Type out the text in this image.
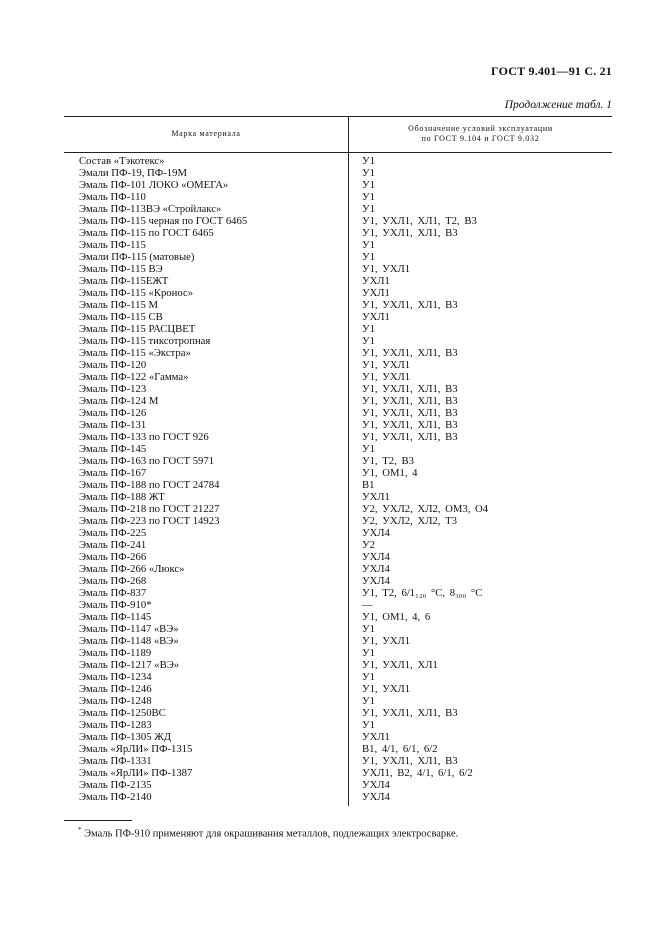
ГОСТ 9.401—91 С. 21
Продолжение табл. 1
Марка материала
Обозначение условий эксплуатации
по ГОСТ 9.104 и ГОСТ 9.032
Состав «Тэкотекс»	У1
Эмали ПФ-19, ПФ-19М	У1
Эмаль ПФ-101 ЛОКО «ОМЕГА»	У1
Эмаль ПФ-110	У1
Эмаль ПФ-113ВЭ «Стройлакс»	У1
Эмаль ПФ-115 черная по ГОСТ 6465	У1, УХЛ1, ХЛ1, Т2, В3
Эмаль ПФ-115 по ГОСТ 6465	У1, УХЛ1, ХЛ1, В3
Эмаль ПФ-115	У1
Эмали ПФ-115 (матовые)	У1
Эмаль ПФ-115 ВЭ	У1, УХЛ1
Эмаль ПФ-115ЕЖТ	УХЛ1
Эмаль ПФ-115 «Кронос»	УХЛ1
Эмаль ПФ-115 М	У1, УХЛ1, ХЛ1, В3
Эмаль ПФ-115 СВ	УХЛ1
Эмаль ПФ-115 РАСЦВЕТ	У1
Эмаль ПФ-115 тиксотропная	У1
Эмаль ПФ-115 «Экстра»	У1, УХЛ1, ХЛ1, В3
Эмаль ПФ-120	У1, УХЛ1
Эмаль ПФ-122 «Гамма»	У1, УХЛ1
Эмаль ПФ-123	У1, УХЛ1, ХЛ1, В3
Эмаль ПФ-124 М	У1, УХЛ1, ХЛ1, В3
Эмаль ПФ-126	У1, УХЛ1, ХЛ1, В3
Эмаль ПФ-131	У1, УХЛ1, ХЛ1, В3
Эмаль ПФ-133 по ГОСТ 926	У1, УХЛ1, ХЛ1, В3
Эмаль ПФ-145	У1
Эмаль ПФ-163 по ГОСТ 5971	У1, Т2, В3
Эмаль ПФ-167	У1, ОМ1, 4
Эмаль ПФ-188 по ГОСТ 24784	В1
Эмаль ПФ-188 ЖТ	УХЛ1
Эмаль ПФ-218 по ГОСТ 21227	У2, УХЛ2, ХЛ2, ОМ3, О4
Эмаль ПФ-223 по ГОСТ 14923	У2, УХЛ2, ХЛ2, Т3
Эмаль ПФ-225	УХЛ4
Эмаль ПФ-241	У2
Эмаль ПФ-266	УХЛ4
Эмаль ПФ-266 «Люкс»	УХЛ4
Эмаль ПФ-268	УХЛ4
Эмаль ПФ-837	У1, Т2, 6/1₁₂₀ °С, 8₃₀₀ °С
Эмаль ПФ-910*	—
Эмаль ПФ-1145	У1, ОМ1, 4, 6
Эмаль ПФ-1147 «ВЭ»	У1
Эмаль ПФ-1148 «ВЭ»	У1, УХЛ1
Эмаль ПФ-1189	У1
Эмаль ПФ-1217 «ВЭ»	У1, УХЛ1, ХЛ1
Эмаль ПФ-1234	У1
Эмаль ПФ-1246	У1, УХЛ1
Эмаль ПФ-1248	У1
Эмаль ПФ-1250ВС	У1, УХЛ1, ХЛ1, В3
Эмаль ПФ-1283	У1
Эмаль ПФ-1305 ЖД	УХЛ1
Эмаль «ЯрЛИ» ПФ-1315	В1, 4/1, 6/1, 6/2
Эмаль ПФ-1331	У1, УХЛ1, ХЛ1, В3
Эмаль «ЯрЛИ» ПФ-1387	УХЛ1, В2, 4/1, 6/1, 6/2
Эмаль ПФ-2135	УХЛ4
Эмаль ПФ-2140	УХЛ4
* Эмаль ПФ-910 применяют для окрашивания металлов, подлежащих электросварке.
